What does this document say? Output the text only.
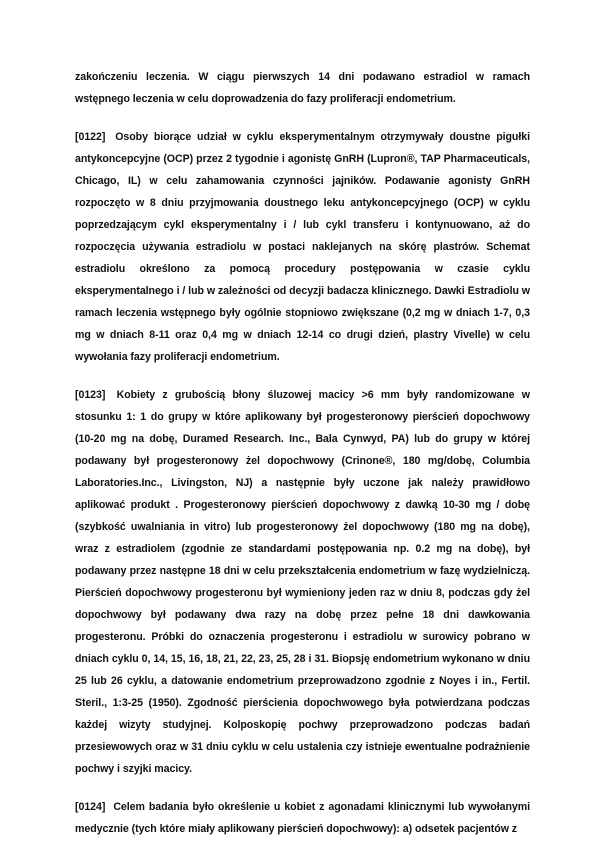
zakończeniu leczenia. W ciągu pierwszych 14 dni podawano estradiol w ramach wstępnego leczenia w celu doprowadzenia do fazy proliferacji endometrium.

[0122] Osoby biorące udział w cyklu eksperymentalnym otrzymywały doustne pigułki antykoncepcyjne (OCP) przez 2 tygodnie i agonistę GnRH (Lupron®, TAP Pharmaceuticals, Chicago, IL) w celu zahamowania czynności jajników. Podawanie agonisty GnRH rozpoczęto w 8 dniu przyjmowania doustnego leku antykoncepcyjnego (OCP) w cyklu poprzedzającym cykl eksperymentalny i / lub cykl transferu i kontynuowano, aż do rozpoczęcia używania estradiolu w postaci naklejanych na skórę plastrów. Schemat estradiolu określono za pomocą procedury postępowania w czasie cyklu eksperymentalnego i / lub w zależności od decyzji badacza klinicznego. Dawki Estradiolu w ramach leczenia wstępnego były ogólnie stopniowo zwiększane (0,2 mg w dniach 1-7, 0,3 mg w dniach 8-11 oraz 0,4 mg w dniach 12-14 co drugi dzień, plastry Vivelle) w celu wywołania fazy proliferacji endometrium.

[0123] Kobiety z grubością błony śluzowej macicy >6 mm były randomizowane w stosunku 1: 1 do grupy w które aplikowany był progesteronowy pierścień dopochwowy (10-20 mg na dobę, Duramed Research. Inc., Bala Cynwyd, PA) lub do grupy w której podawany był progesteronowy żel dopochwowy (Crinone®, 180 mg/dobę, Columbia Laboratories.Inc., Livingston, NJ) a następnie były uczone jak należy prawidłowo aplikować produkt . Progesteronowy pierścień dopochwowy z dawką 10-30 mg / dobę (szybkość uwalniania in vitro) lub progesteronowy żel dopochwowy (180 mg na dobę), wraz z estradiolem (zgodnie ze standardami postępowania np. 0.2 mg na dobę), był podawany przez następne 18 dni w celu przekształcenia endometrium w fazę wydzielniczą. Pierścień dopochwowy progesteronu był wymieniony jeden raz w dniu 8, podczas gdy żel dopochwowy był podawany dwa razy na dobę przez pełne 18 dni dawkowania progesteronu. Próbki do oznaczenia progesteronu i estradiolu w surowicy pobrano w dniach cyklu 0, 14, 15, 16, 18, 21, 22, 23, 25, 28 i 31. Biopsję endometrium wykonano w dniu 25 lub 26 cyklu, a datowanie endometrium przeprowadzono zgodnie z Noyes i in., Fertil. Steril., 1:3-25 (1950). Zgodność pierścienia dopochwowego była potwierdzana podczas każdej wizyty studyjnej. Kolposkopię pochwy przeprowadzono podczas badań przesiewowych oraz w 31 dniu cyklu w celu ustalenia czy istnieje ewentualne podrażnienie pochwy i szyjki macicy.

[0124] Celem badania było określenie u kobiet z agonadami klinicznymi lub wywołanymi medycznie (tych które miały aplikowany pierścień dopochwowy): a) odsetek pacjentów z
